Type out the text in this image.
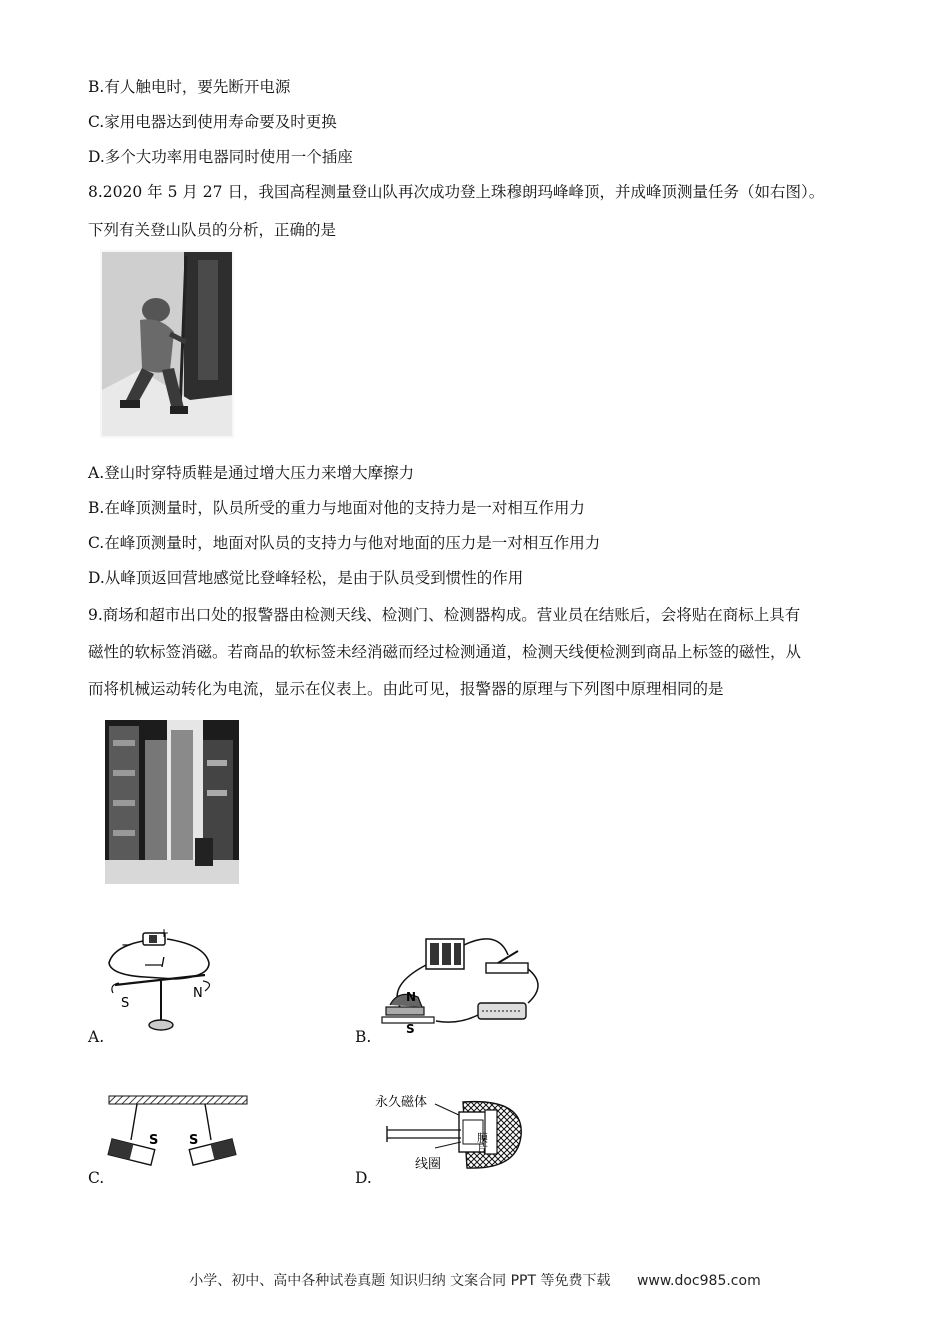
B.有人触电时，要先断开电源
C.家用电器达到使用寿命要及时更换
D.多个大功率用电器同时使用一个插座
8.2020 年 5 月 27 日，我国高程测量登山队再次成功登上珠穆朗玛峰峰顶，并成峰顶测量任务（如右图）。
下列有关登山队员的分析，正确的是
A.登山时穿特质鞋是通过增大压力来增大摩擦力
B.在峰顶测量时，队员所受的重力与地面对他的支持力是一对相互作用力
C.在峰顶测量时，地面对队员的支持力与他对地面的压力是一对相互作用力
D.从峰顶返回营地感觉比登峰轻松，是由于队员受到惯性的作用
9.商场和超市出口处的报警器由检测天线、检测门、检测器构成。营业员在结账后，会将贴在商标上具有
磁性的软标签消磁。若商品的软标签未经消磁而经过检测通道，检测天线便检测到商品上标签的磁性，从
而将机械运动转化为电流，显示在仪表上。由此可见，报警器的原理与下列图中原理相同的是
−
+
I
S
N
A.
N
S
B.
S S
C.
永久磁体
膜片
线圈
D.
小学、初中、高中各种试卷真题 知识归纳 文案合同 PPT 等免费下载 www.doc985.com
